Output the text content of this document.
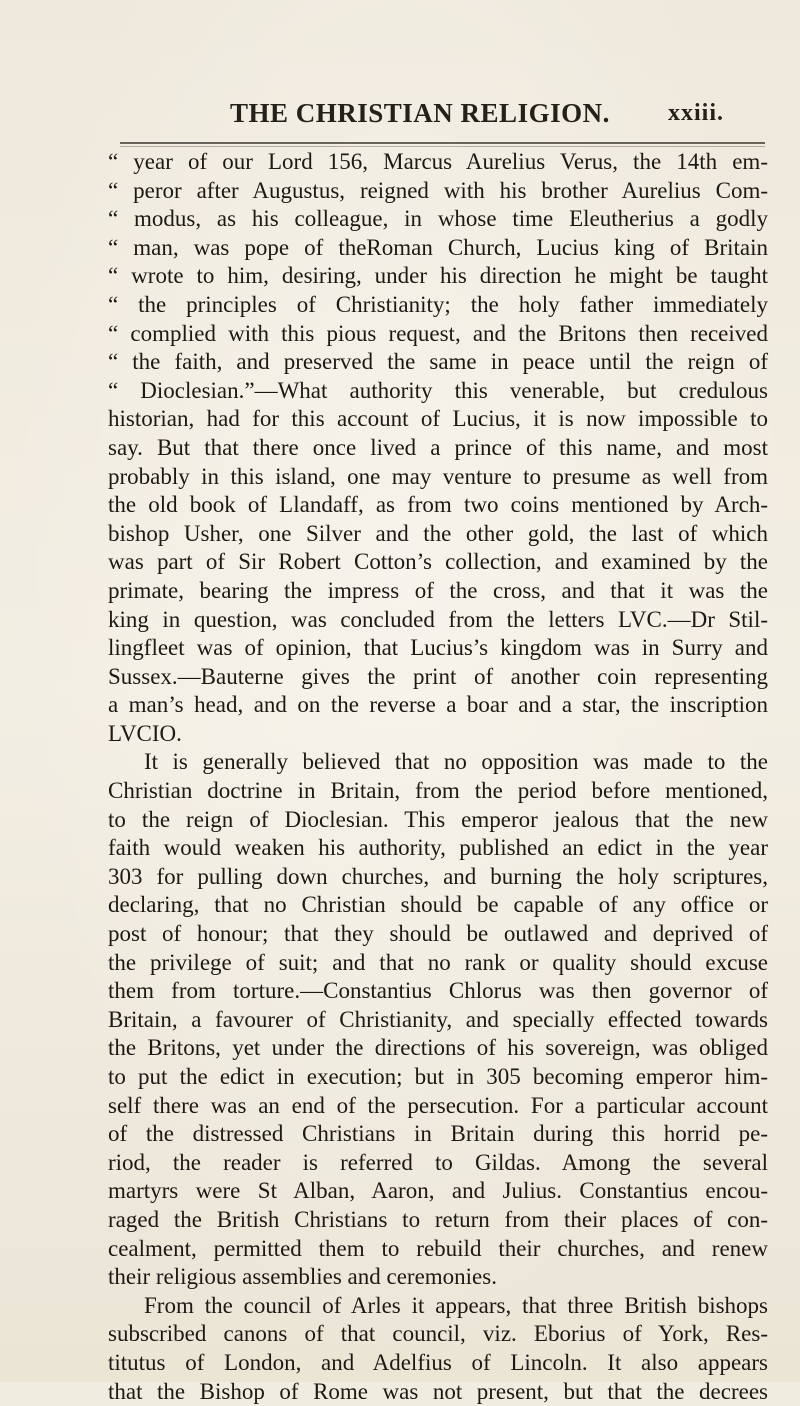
THE CHRISTIAN RELIGION. xxiii.
“ year of our Lord 156, Marcus Aurelius Verus, the 14th em-
“ peror after Augustus, reigned with his brother Aurelius Com-
“ modus, as his colleague, in whose time Eleutherius a godly
“ man, was pope of theRoman Church, Lucius king of Britain
“ wrote to him, desiring, under his direction he might be taught
“ the principles of Christianity; the holy father immediately
“ complied with this pious request, and the Britons then received
“ the faith, and preserved the same in peace until the reign of
“ Dioclesian.”—What authority this venerable, but credulous
historian, had for this account of Lucius, it is now impossible to
say. But that there once lived a prince of this name, and most
probably in this island, one may venture to presume as well from
the old book of Llandaff, as from two coins mentioned by Arch-
bishop Usher, one Silver and the other gold, the last of which
was part of Sir Robert Cotton’s collection, and examined by the
primate, bearing the impress of the cross, and that it was the
king in question, was concluded from the letters LVC.—Dr Stil-
lingfleet was of opinion, that Lucius’s kingdom was in Surry and
Sussex.—Bauterne gives the print of another coin representing
a man’s head, and on the reverse a boar and a star, the inscription
LVCIO.
It is generally believed that no opposition was made to the
Christian doctrine in Britain, from the period before mentioned,
to the reign of Dioclesian. This emperor jealous that the new
faith would weaken his authority, published an edict in the year
303 for pulling down churches, and burning the holy scriptures,
declaring, that no Christian should be capable of any office or
post of honour; that they should be outlawed and deprived of
the privilege of suit; and that no rank or quality should excuse
them from torture.—Constantius Chlorus was then governor of
Britain, a favourer of Christianity, and specially effected towards
the Britons, yet under the directions of his sovereign, was obliged
to put the edict in execution; but in 305 becoming emperor him-
self there was an end of the persecution. For a particular account
of the distressed Christians in Britain during this horrid pe-
riod, the reader is referred to Gildas. Among the several
martyrs were St Alban, Aaron, and Julius. Constantius encou-
raged the British Christians to return from their places of con-
cealment, permitted them to rebuild their churches, and renew
their religious assemblies and ceremonies.
From the council of Arles it appears, that three British bishops
subscribed canons of that council, viz. Eborius of York, Res-
titutus of London, and Adelfius of Lincoln. It also appears
that the Bishop of Rome was not present, but that the decrees
